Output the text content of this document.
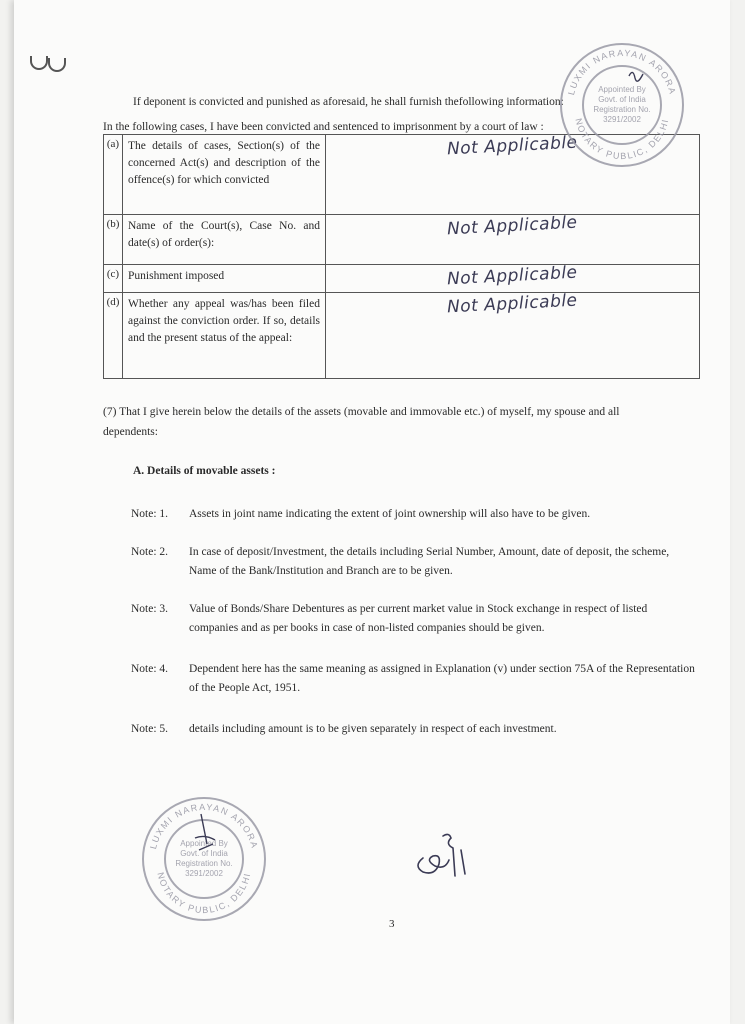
If deponent is convicted and punished as aforesaid, he shall furnish thefollowing information:
In the following cases, I have been convicted and sentenced to imprisonment by a court of law :
(a)	The details of cases, Section(s) of the concerned Act(s) and description of the offence(s) for which convicted	Not Applicable
(b)	Name of the Court(s), Case No. and date(s) of order(s):	Not Applicable
(c)	Punishment imposed	Not Applicable
(d)	Whether any appeal was/has been filed against the conviction order. If so, details and the present status of the appeal:	Not Applicable
(7) That I give herein below the details of the assets (movable and immovable etc.) of myself, my spouse and all
dependents:
A. Details of movable assets :
Note: 1. Assets in joint name indicating the extent of joint ownership will also have to be given.
Note: 2. In case of deposit/Investment, the details including Serial Number, Amount, date of deposit, the scheme, Name of the Bank/Institution and Branch are to be given.
Note: 3. Value of Bonds/Share Debentures as per current market value in Stock exchange in respect of listed companies and as per books in case of non-listed companies should be given.
Note: 4. Dependent here has the same meaning as assigned in Explanation (v) under section 75A of the Representation of the People Act, 1951.
Note: 5. details including amount is to be given separately in respect of each investment.
LUXMI NARAYAN ARORA
NOTARY PUBLIC, DELHI
Appointed By
Govt. of India
Registration No.
3291/2002
LUXMI NARAYAN ARORA
NOTARY PUBLIC, DELHI
Appointed By
Govt. of India
Registration No.
3291/2002
3
